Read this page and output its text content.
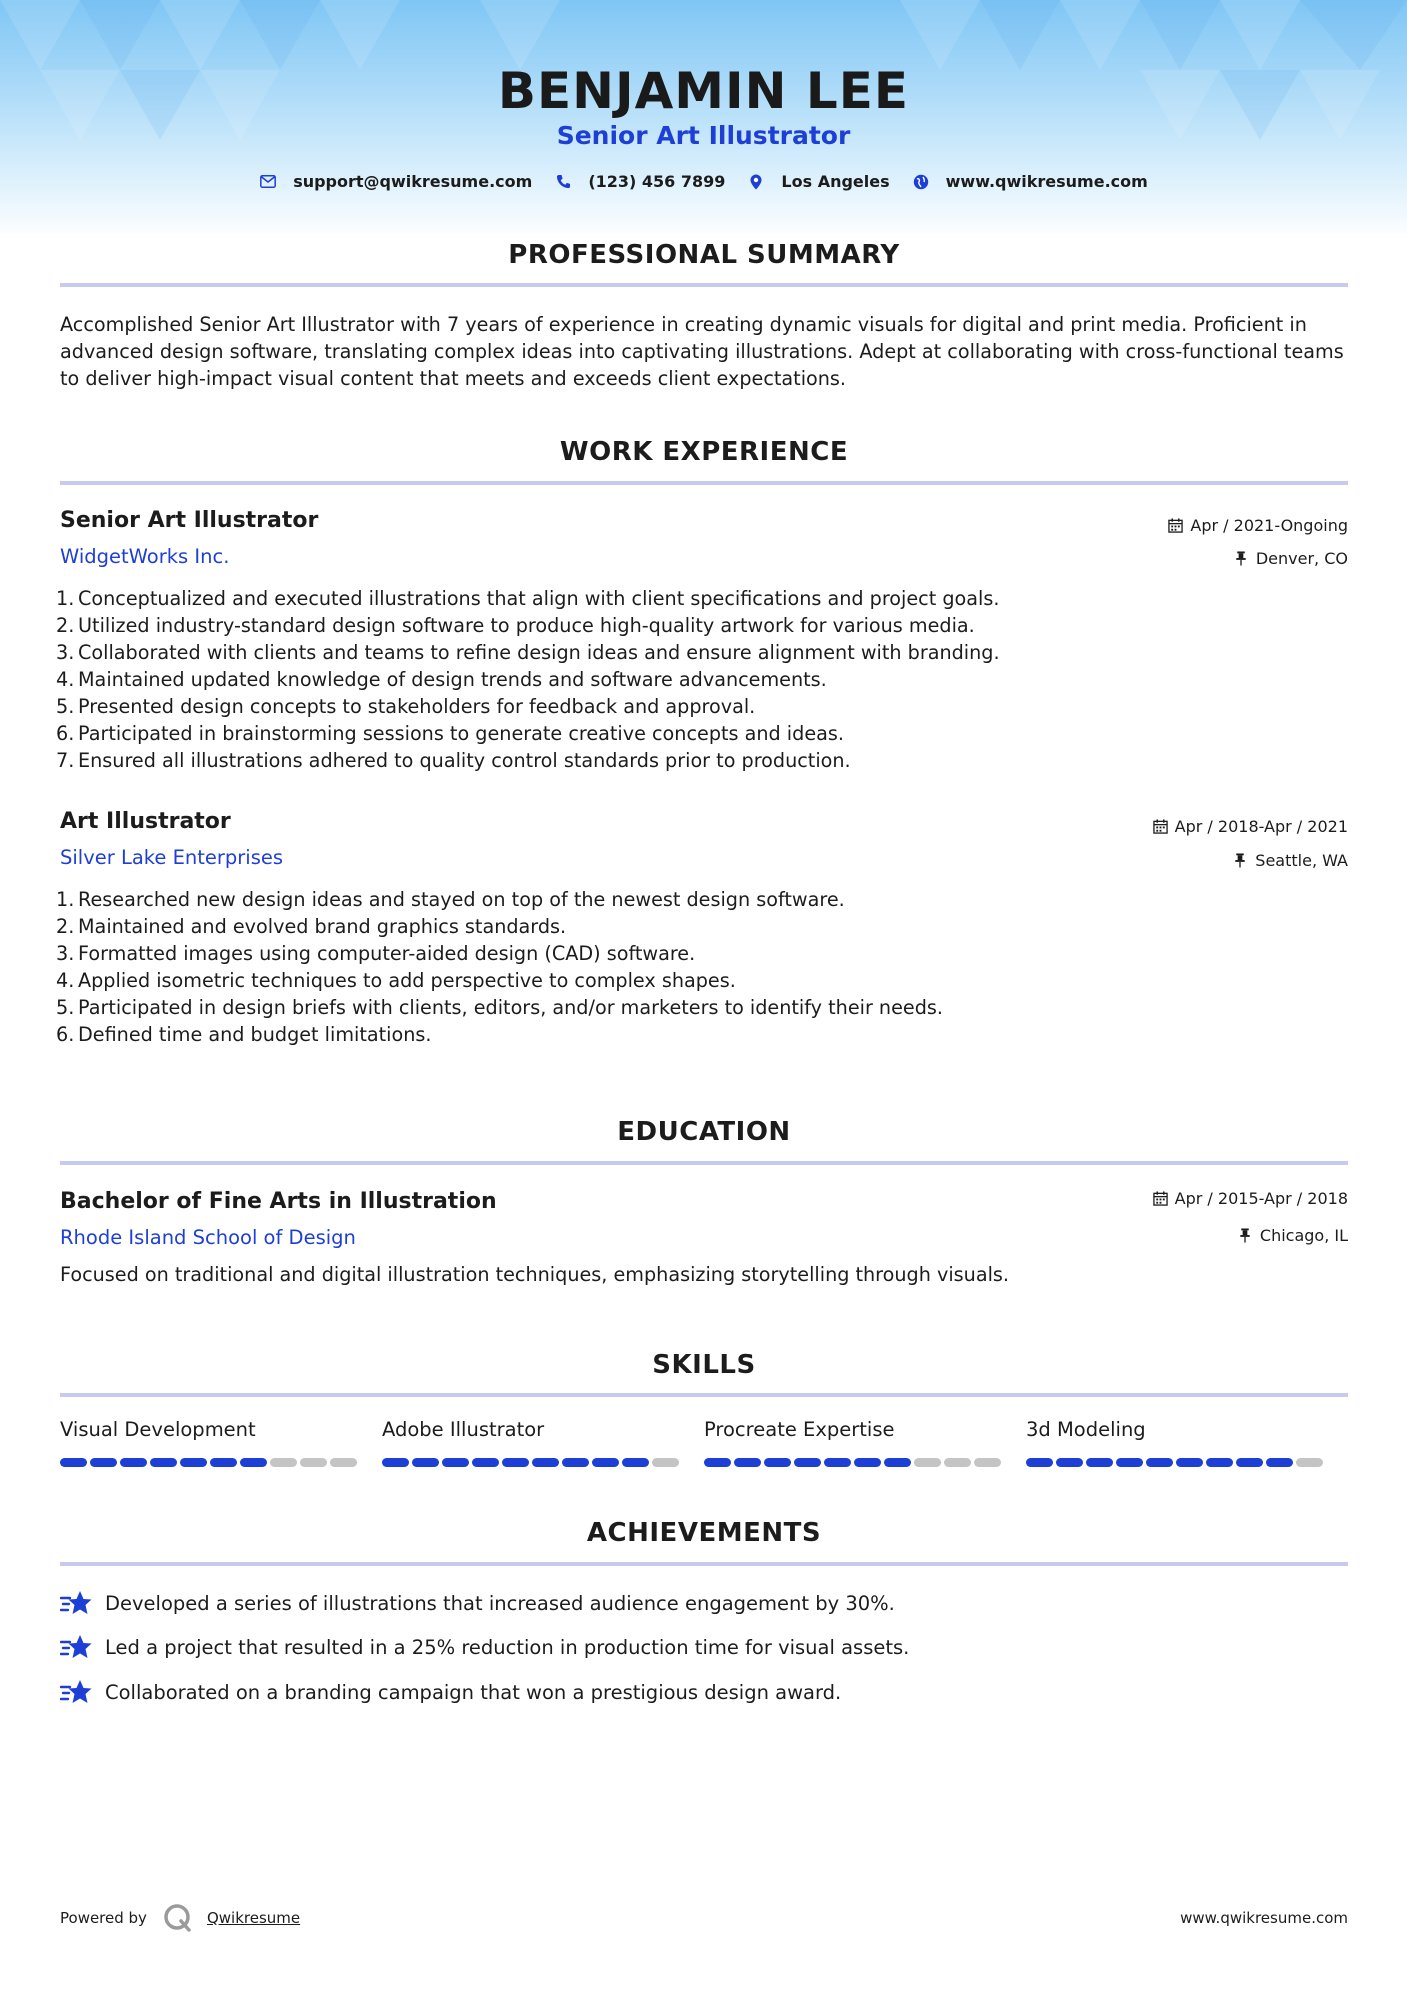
BENJAMIN LEE
Senior Art Illustrator
support@qwikresume.com	(123) 456 7899	Los Angeles	www.qwikresume.com
PROFESSIONAL SUMMARY
Accomplished Senior Art Illustrator with 7 years of experience in creating dynamic visuals for digital and print media. Proficient in advanced design software, translating complex ideas into captivating illustrations. Adept at collaborating with cross-functional teams to deliver high-impact visual content that meets and exceeds client expectations.
WORK EXPERIENCE
Senior Art Illustrator	Apr / 2021-Ongoing
WidgetWorks Inc.	Denver, CO
1. Conceptualized and executed illustrations that align with client specifications and project goals.
2. Utilized industry-standard design software to produce high-quality artwork for various media.
3. Collaborated with clients and teams to refine design ideas and ensure alignment with branding.
4. Maintained updated knowledge of design trends and software advancements.
5. Presented design concepts to stakeholders for feedback and approval.
6. Participated in brainstorming sessions to generate creative concepts and ideas.
7. Ensured all illustrations adhered to quality control standards prior to production.
Art Illustrator	Apr / 2018-Apr / 2021
Silver Lake Enterprises	Seattle, WA
1. Researched new design ideas and stayed on top of the newest design software.
2. Maintained and evolved brand graphics standards.
3. Formatted images using computer-aided design (CAD) software.
4. Applied isometric techniques to add perspective to complex shapes.
5. Participated in design briefs with clients, editors, and/or marketers to identify their needs.
6. Defined time and budget limitations.
EDUCATION
Bachelor of Fine Arts in Illustration	Apr / 2015-Apr / 2018
Rhode Island School of Design	Chicago, IL
Focused on traditional and digital illustration techniques, emphasizing storytelling through visuals.
SKILLS
Visual Development	Adobe Illustrator	Procreate Expertise	3d Modeling
ACHIEVEMENTS
Developed a series of illustrations that increased audience engagement by 30%.
Led a project that resulted in a 25% reduction in production time for visual assets.
Collaborated on a branding campaign that won a prestigious design award.
Powered by	Qwikresume	www.qwikresume.com
